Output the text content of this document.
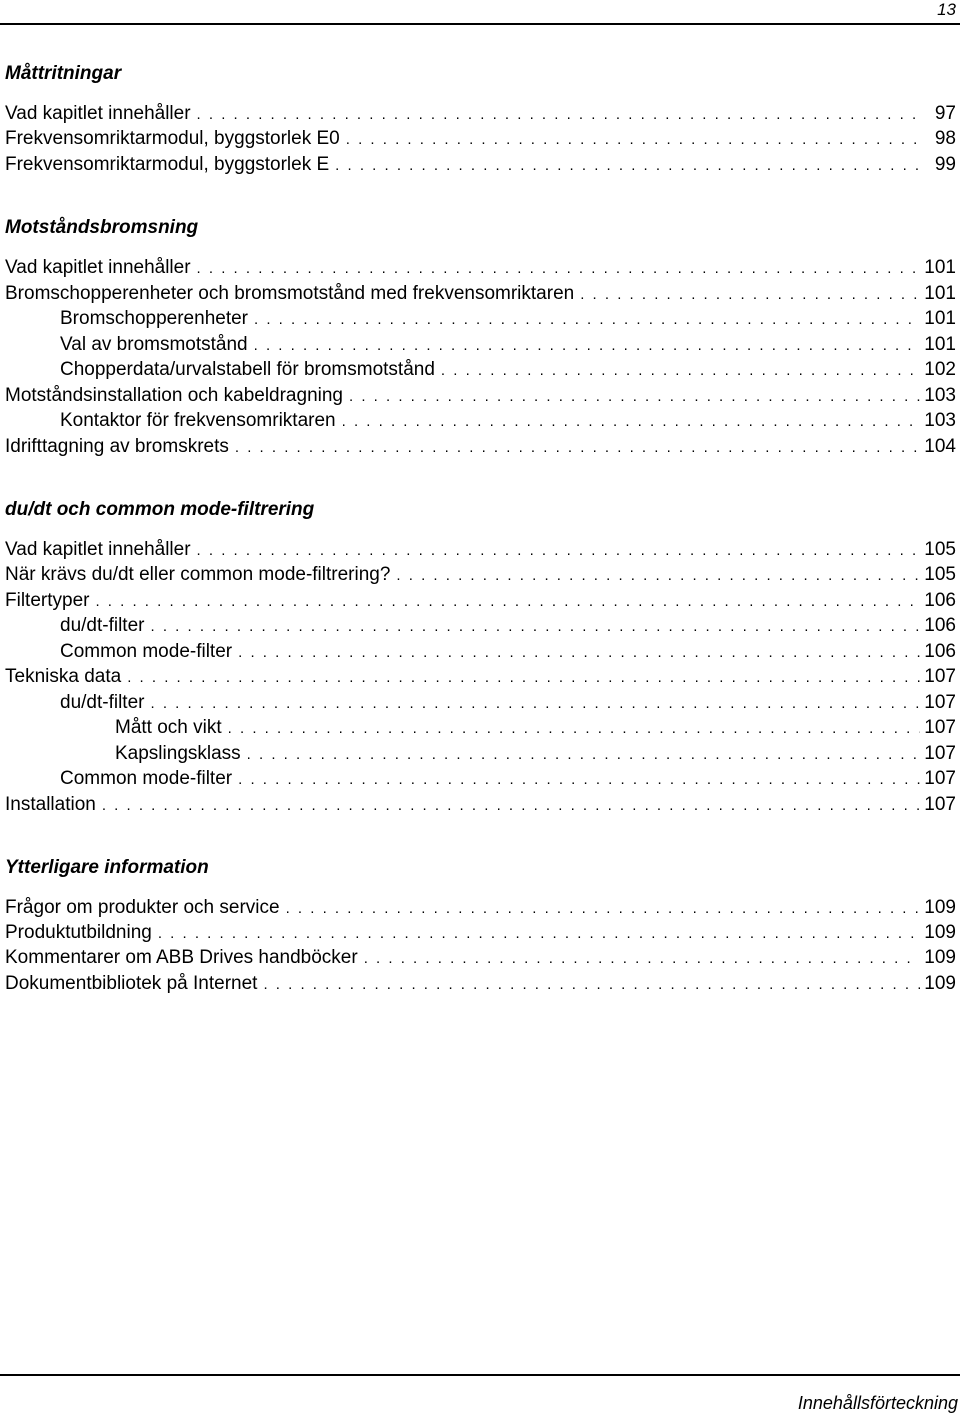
13
Måttritningar
Vad kapitlet innehåller . . .	97
Frekvensomriktarmodul, byggstorlek E0 . . .	98
Frekvensomriktarmodul, byggstorlek E . . .	99
Motståndsbromsning
Vad kapitlet innehåller . . .	101
Bromschopperenheter och bromsmotstånd med frekvensomriktaren . . .	101
Bromschopperenheter . . .	101
Val av bromsmotstånd . . .	101
Chopperdata/urvalstabell för bromsmotstånd . . .	102
Motståndsinstallation och kabeldragning . . .	103
Kontaktor för frekvensomriktaren . . .	103
Idrifttagning av bromskrets . . .	104
du/dt och common mode-filtrering
Vad kapitlet innehåller . . .	105
När krävs du/dt eller common mode-filtrering? . . .	105
Filtertyper . . .	106
du/dt-filter . . .	106
Common mode-filter . . .	106
Tekniska data . . .	107
du/dt-filter . . .	107
Mått och vikt . . .	107
Kapslingsklass . . .	107
Common mode-filter . . .	107
Installation . . .	107
Ytterligare information
Frågor om produkter och service . . .	109
Produktutbildning . . .	109
Kommentarer om ABB Drives handböcker . . .	109
Dokumentbibliotek på Internet . . .	109
Innehållsförteckning
